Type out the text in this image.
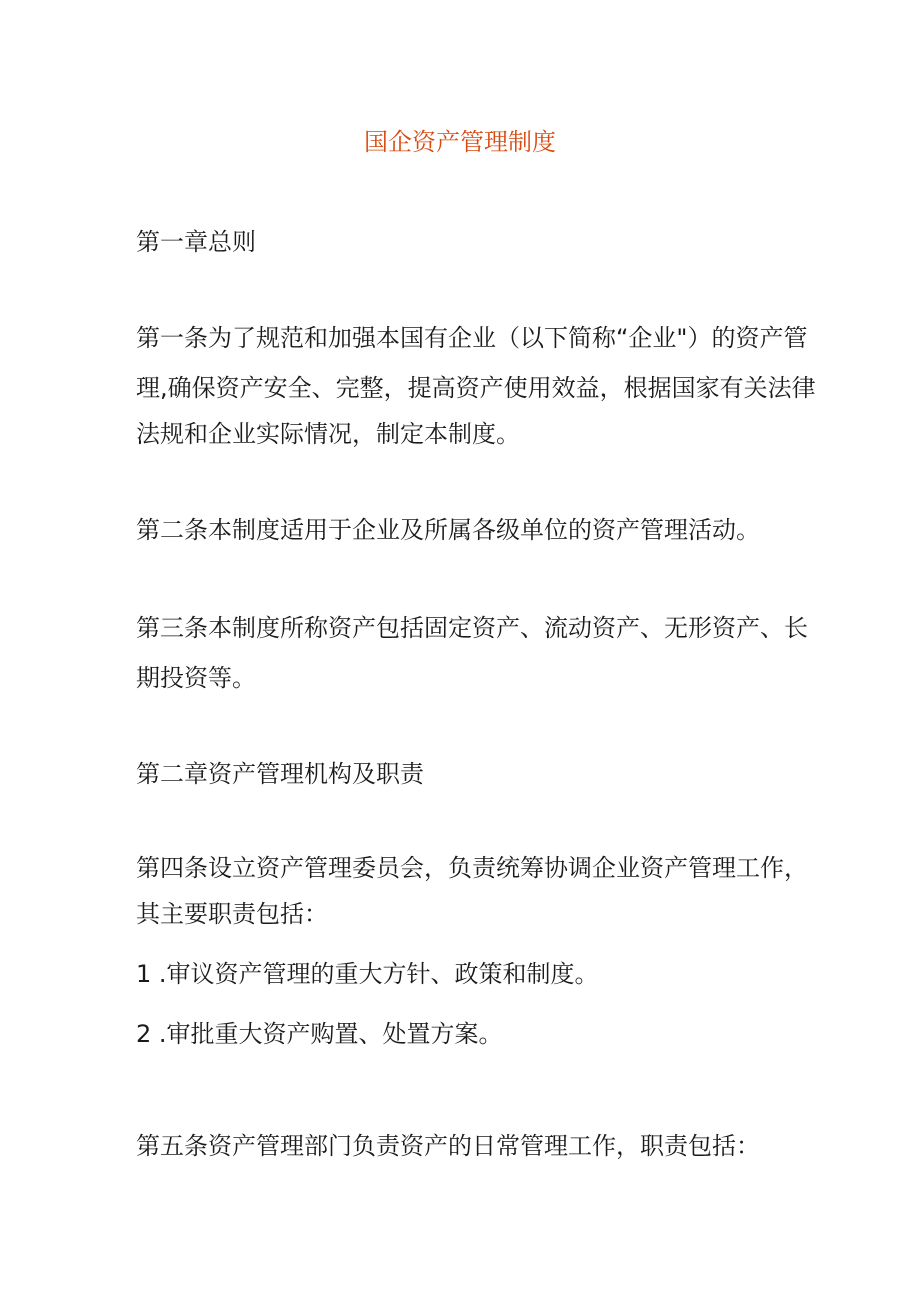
国企资产管理制度
第一章总则
第一条为了规范和加强本国有企业（以下简称“企业"）的资产管
理,确保资产安全、完整，提高资产使用效益，根据国家有关法律
法规和企业实际情况，制定本制度。
第二条本制度适用于企业及所属各级单位的资产管理活动。
第三条本制度所称资产包括固定资产、流动资产、无形资产、长
期投资等。
第二章资产管理机构及职责
第四条设立资产管理委员会，负责统筹协调企业资产管理工作，
其主要职责包括：
1 .审议资产管理的重大方针、政策和制度。
2 .审批重大资产购置、处置方案。
第五条资产管理部门负责资产的日常管理工作，职责包括：
